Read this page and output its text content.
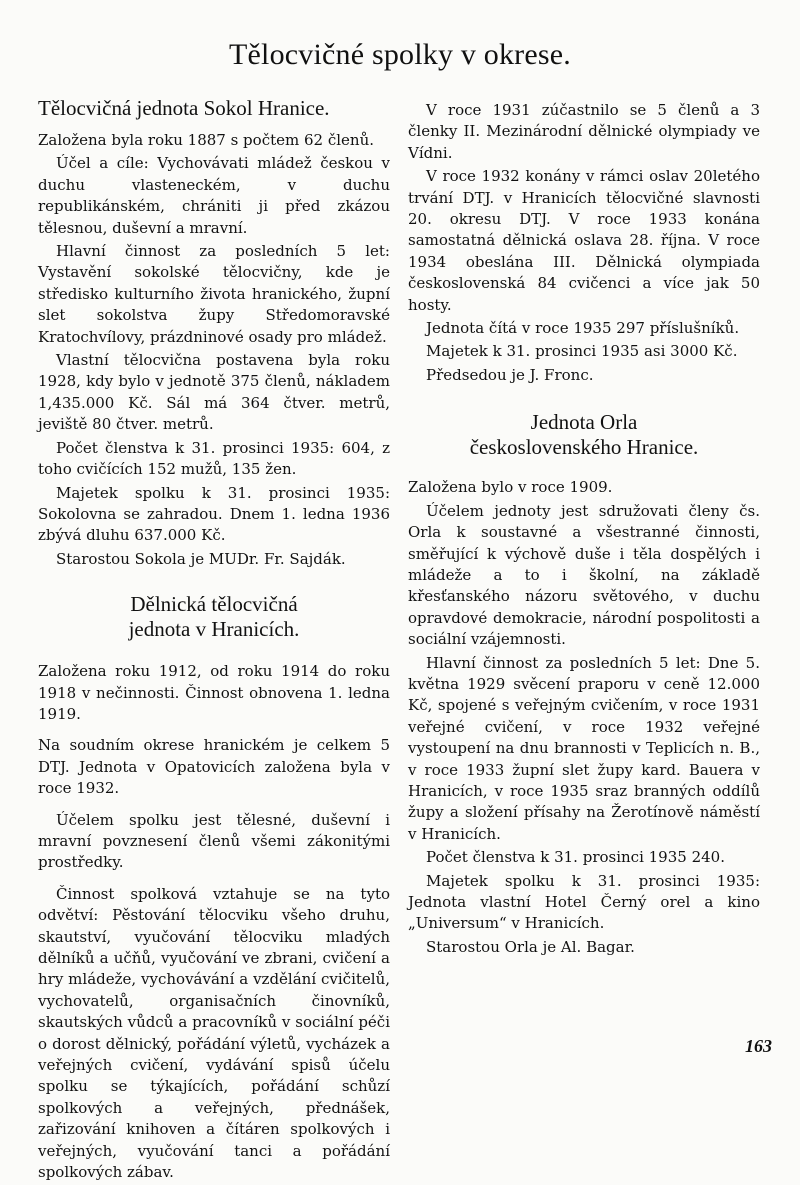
Tělocvičné spolky v okrese.
Tělocvičná jednota Sokol Hranice.

Založena byla roku 1887 s počtem 62 členů.

Účel a cíle: Vychovávati mládež českou v duchu vlasteneckém, v duchu republikánském, chrániti ji před zkázou tělesnou, duševní a mravní.

Hlavní činnost za posledních 5 let: Vystavění sokolské tělocvičny, kde je středisko kulturního života hranického, župní slet sokolstva župy Středomoravské Kratochvílovy, prázdninové osady pro mládež.

Vlastní tělocvična postavena byla roku 1928, kdy bylo v jednotě 375 členů, nákladem 1,435.000 Kč. Sál má 364 čtver. metrů, jeviště 80 čtver. metrů.

Počet členstva k 31. prosinci 1935: 604, z toho cvičících 152 mužů, 135 žen.

Majetek spolku k 31. prosinci 1935: Sokolovna se zahradou. Dnem 1. ledna 1936 zbývá dluhu 637.000 Kč.

Starostou Sokola je MUDr. Fr. Sajdák.

Dělnická tělocvičná
jednota v Hranicích.

Založena roku 1912, od roku 1914 do roku 1918 v nečinnosti. Činnost obnovena 1. ledna 1919.

Na soudním okrese hranickém je celkem 5 DTJ. Jednota v Opatovicích založena byla v roce 1932.

Účelem spolku jest tělesné, duševní i mravní povznesení členů všemi zákonitými prostředky.

Činnost spolková vztahuje se na tyto odvětví: Pěstování tělocviku všeho druhu, skautství, vyučování tělocviku mladých dělníků a učňů, vyučování ve zbrani, cvičení a hry mládeže, vychovávání a vzdělání cvičitelů, vychovatelů, organisačních činovníků, skautských vůdců a pracovníků v sociální péči o dorost dělnický, pořádání výletů, vycházek a veřejných cvičení, vydávání spisů účelu spolku se týkajících, pořádání schůzí spolkových a veřejných, přednášek, zařizování knihoven a čítáren spolkových i veřejných, vyučování tanci a pořádání spolkových zábav.

V roce 1931 zúčastnilo se 5 členů a 3 členky II. Mezinárodní dělnické olympiady ve Vídni.

V roce 1932 konány v rámci oslav 20letého trvání DTJ. v Hranicích tělocvičné slavnosti 20. okresu DTJ. V roce 1933 konána samostatná dělnická oslava 28. října. V roce 1934 obeslána III. Dělnická olympiada československá 84 cvičenci a více jak 50 hosty.

Jednota čítá v roce 1935 297 příslušníků.

Majetek k 31. prosinci 1935 asi 3000 Kč.

Předsedou je J. Fronc.

Jednota Orla
československého Hranice.

Založena bylo v roce 1909.

Účelem jednoty jest sdružovati členy čs. Orla k soustavné a všestranné činnosti, směřující k výchově duše i těla dospělých i mládeže a to i školní, na základě křesťanského názoru světového, v duchu opravdové demokracie, národní pospolitosti a sociální vzájemnosti.

Hlavní činnost za posledních 5 let: Dne 5. května 1929 svěcení praporu v ceně 12.000 Kč, spojené s veřejným cvičením, v roce 1931 veřejné cvičení, v roce 1932 veřejné vystoupení na dnu brannosti v Teplicích n. B., v roce 1933 župní slet župy kard. Bauera v Hranicích, v roce 1935 sraz branných oddílů župy a složení přísahy na Žerotínově náměstí v Hranicích.

Počet členstva k 31. prosinci 1935 240.

Majetek spolku k 31. prosinci 1935: Jednota vlastní Hotel Černý orel a kino „Universum“ v Hranicích.

Starostou Orla je Al. Bagar.

163
